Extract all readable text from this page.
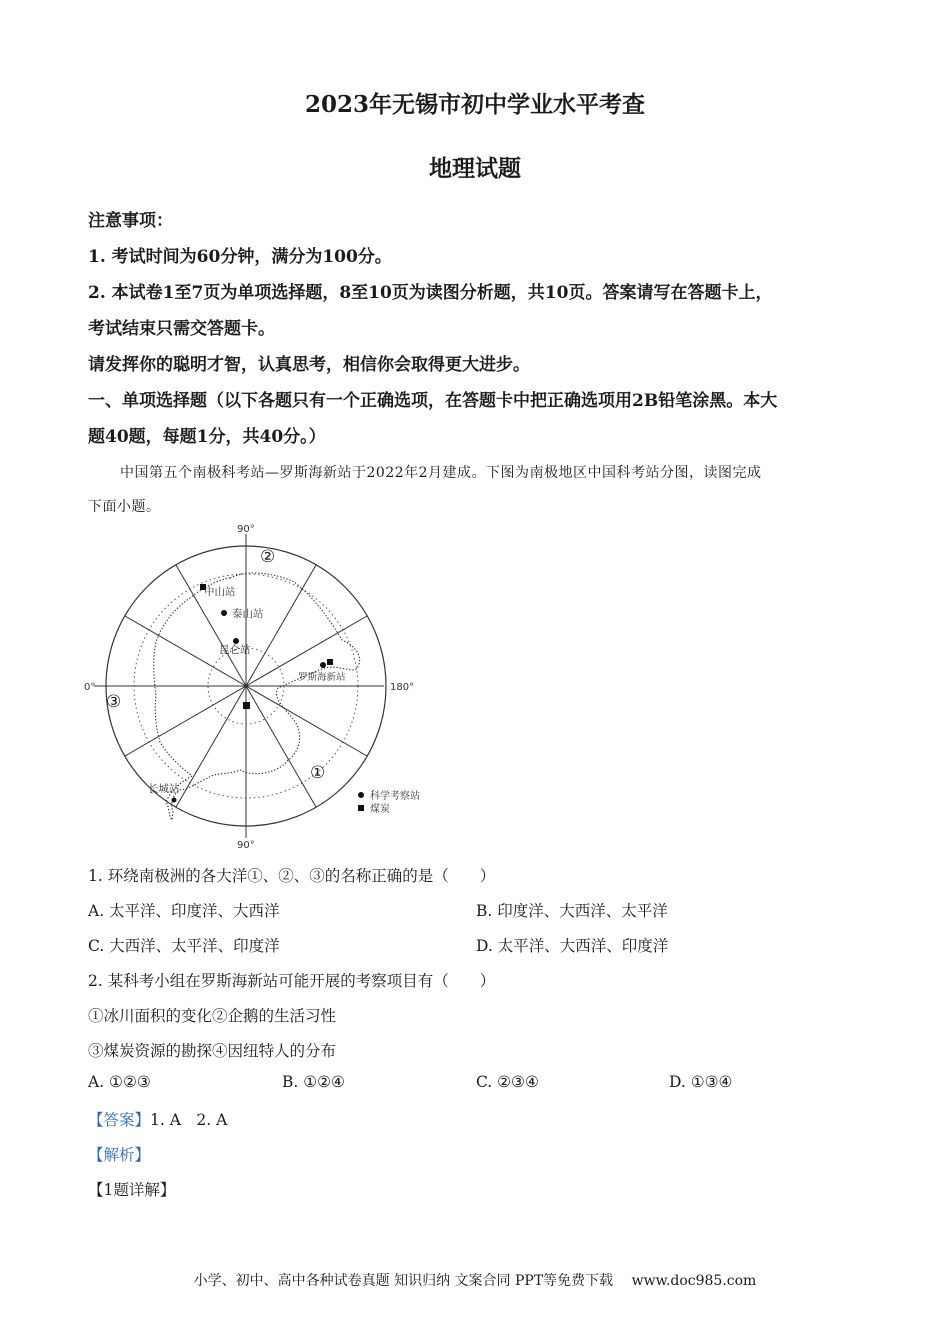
2023年无锡市初中学业水平考查
地理试题
注意事项：
1. 考试时间为60分钟，满分为100分。
2. 本试卷1至7页为单项选择题，8至10页为读图分析题，共10页。答案请写在答题卡上，
考试结束只需交答题卡。
请发挥你的聪明才智，认真思考，相信你会取得更大进步。
一、单项选择题（以下各题只有一个正确选项，在答题卡中把正确选项用2B铅笔涂黑。本大
题40题，每题1分，共40分。）
中国第五个南极科考站—罗斯海新站于2022年2月建成。下图为南极地区中国科考站分图，读图完成
下面小题。
90°
90°
0°	180°
②
③
①
中山站
泰山站
昆仑站
罗斯海新站
长城站
科学考察站
煤炭
1. 环绕南极洲的各大洋①、②、③的名称正确的是（　　）
A. 太平洋、印度洋、大西洋	B. 印度洋、大西洋、太平洋
C. 大西洋、太平洋、印度洋	D. 太平洋、大西洋、印度洋
2. 某科考小组在罗斯海新站可能开展的考察项目有（　　）
①冰川面积的变化②企鹅的生活习性
③煤炭资源的勘探④因纽特人的分布
A. ①②③	B. ①②④	C. ②③④	D. ①③④
【答案】1. A　2. A
【解析】
【1题详解】
小学、初中、高中各种试卷真题 知识归纳 文案合同 PPT等免费下载　 www.doc985.com
